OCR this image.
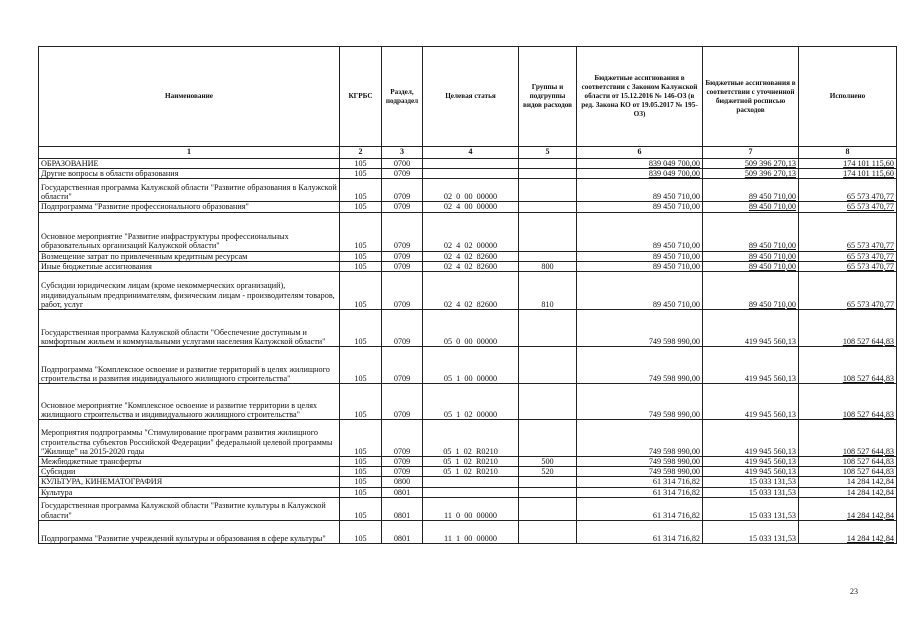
Наименование	КГРБС	Раздел, подраздел	Целевая статья	Группы и подгруппы видов расходов	Бюджетные ассигнования в соответствии с Законом Калужской области от 15.12.2016 № 146-ОЗ (в ред. Закона КО от 19.05.2017 № 195-ОЗ)	Бюджетные ассигнования в соответствии с уточненной бюджетной росписью расходов	Исполнено
1	2	3	4	5	6	7	8
ОБРАЗОВАНИЕ	105	0700			839 049 700,00	509 396 270,13	174 101 115,60
Другие вопросы в области образования	105	0709			839 049 700,00	509 396 270,13	174 101 115,60
Государственная программа Калужской области "Развитие образования в Калужской области"	105	0709	02  0  00  00000		89 450 710,00	89 450 710,00	65 573 470,77
Подпрограмма "Развитие профессионального образования"	105	0709	02  4  00  00000		89 450 710,00	89 450 710,00	65 573 470,77
Основное мероприятие "Развитие инфраструктуры профессиональных образовательных организаций Калужской области"	105	0709	02  4  02  00000		89 450 710,00	89 450 710,00	65 573 470,77
Возмещение затрат по привлеченным кредитным ресурсам	105	0709	02  4  02  82600		89 450 710,00	89 450 710,00	65 573 470,77
Иные бюджетные ассигнования	105	0709	02  4  02  82600	800	89 450 710,00	89 450 710,00	65 573 470,77
Субсидии юридическим лицам (кроме некоммерческих организаций), индивидуальным предпринимателям, физическим лицам - производителям товаров, работ, услуг	105	0709	02  4  02  82600	810	89 450 710,00	89 450 710,00	65 573 470,77
Государственная программа Калужской области "Обеспечение доступным и комфортным жильем и коммунальными услугами населения Калужской области"	105	0709	05  0  00  00000		749 598 990,00	419 945 560,13	108 527 644,83
Подпрограмма "Комплексное освоение и развитие территорий в целях жилищного строительства и развития индивидуального жилищного строительства"	105	0709	05  1  00  00000		749 598 990,00	419 945 560,13	108 527 644,83
Основное мероприятие "Комплексное освоение и развитие территории в целях жилищного строительства и индивидуального жилищного строительства"	105	0709	05  1  02  00000		749 598 990,00	419 945 560,13	108 527 644,83
Мероприятия подпрограммы "Стимулирование программ развития жилищного строительства субъектов Российской Федерации" федеральной целевой программы "Жилище" на 2015-2020 годы	105	0709	05  1  02  R0210		749 598 990,00	419 945 560,13	108 527 644,83
Межбюджетные трансферты	105	0709	05  1  02  R0210	500	749 598 990,00	419 945 560,13	108 527 644,83
Субсидии	105	0709	05  1  02  R0210	520	749 598 990,00	419 945 560,13	108 527 644,83
КУЛЬТУРА, КИНЕМАТОГРАФИЯ	105	0800			61 314 716,82	15 033 131,53	14 284 142,84
Культура	105	0801			61 314 716,82	15 033 131,53	14 284 142,84
Государственная программа Калужской области "Развитие культуры в Калужской области"	105	0801	11  0  00  00000		61 314 716,82	15 033 131,53	14 284 142,84
Подпрограмма "Развитие учреждений культуры и образования в сфере культуры"	105	0801	11  1  00  00000		61 314 716,82	15 033 131,53	14 284 142,84
23
